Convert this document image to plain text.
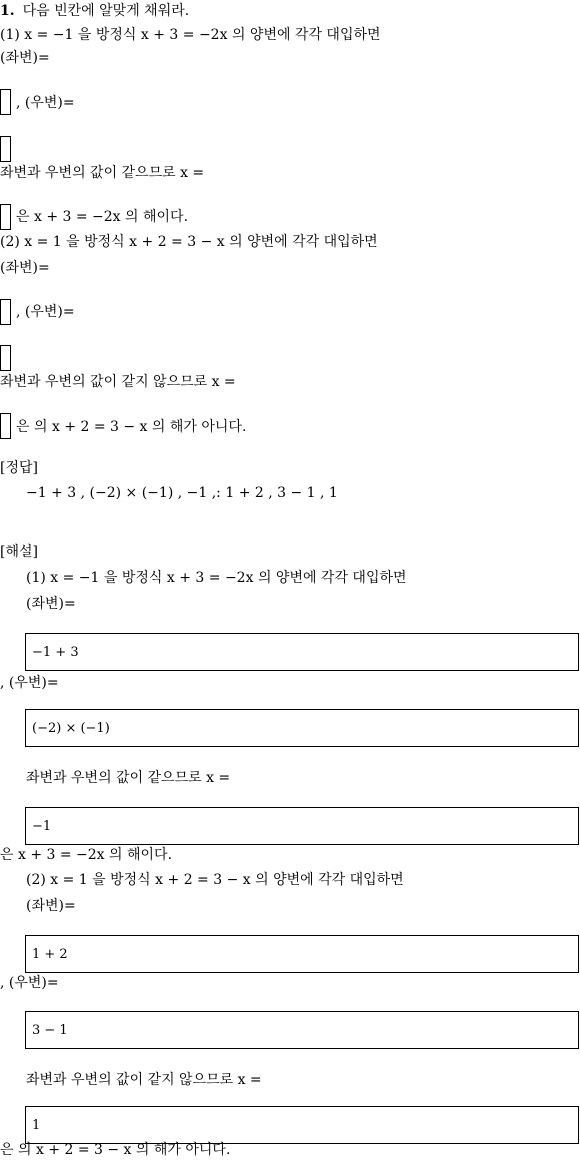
1. 다음 빈칸에 알맞게 채워라.
(1) x = −1 을 방정식 x + 3 = −2x 의 양변에 각각 대입하면
(좌변)=
, (우변)=
좌변과 우변의 값이 같으므로 x =
은 x + 3 = −2x 의 해이다.
(2) x = 1 을 방정식 x + 2 = 3 − x 의 양변에 각각 대입하면
(좌변)=
, (우변)=
좌변과 우변의 값이 같지 않으므로 x =
은 의 x + 2 = 3 − x 의 해가 아니다.
[정답]
−1 + 3 , (−2) × (−1) , −1 ,: 1 + 2 , 3 − 1 , 1
[해설]
(1) x = −1 을 방정식 x + 3 = −2x 의 양변에 각각 대입하면
(좌변)=
−1 + 3
, (우변)=
(−2) × (−1)
좌변과 우변의 값이 같으므로 x =
−1
은 x + 3 = −2x 의 해이다.
(2) x = 1 을 방정식 x + 2 = 3 − x 의 양변에 각각 대입하면
(좌변)=
1 + 2
, (우변)=
3 − 1
좌변과 우변의 값이 같지 않으므로 x =
1
은 의 x + 2 = 3 − x 의 해가 아니다.
